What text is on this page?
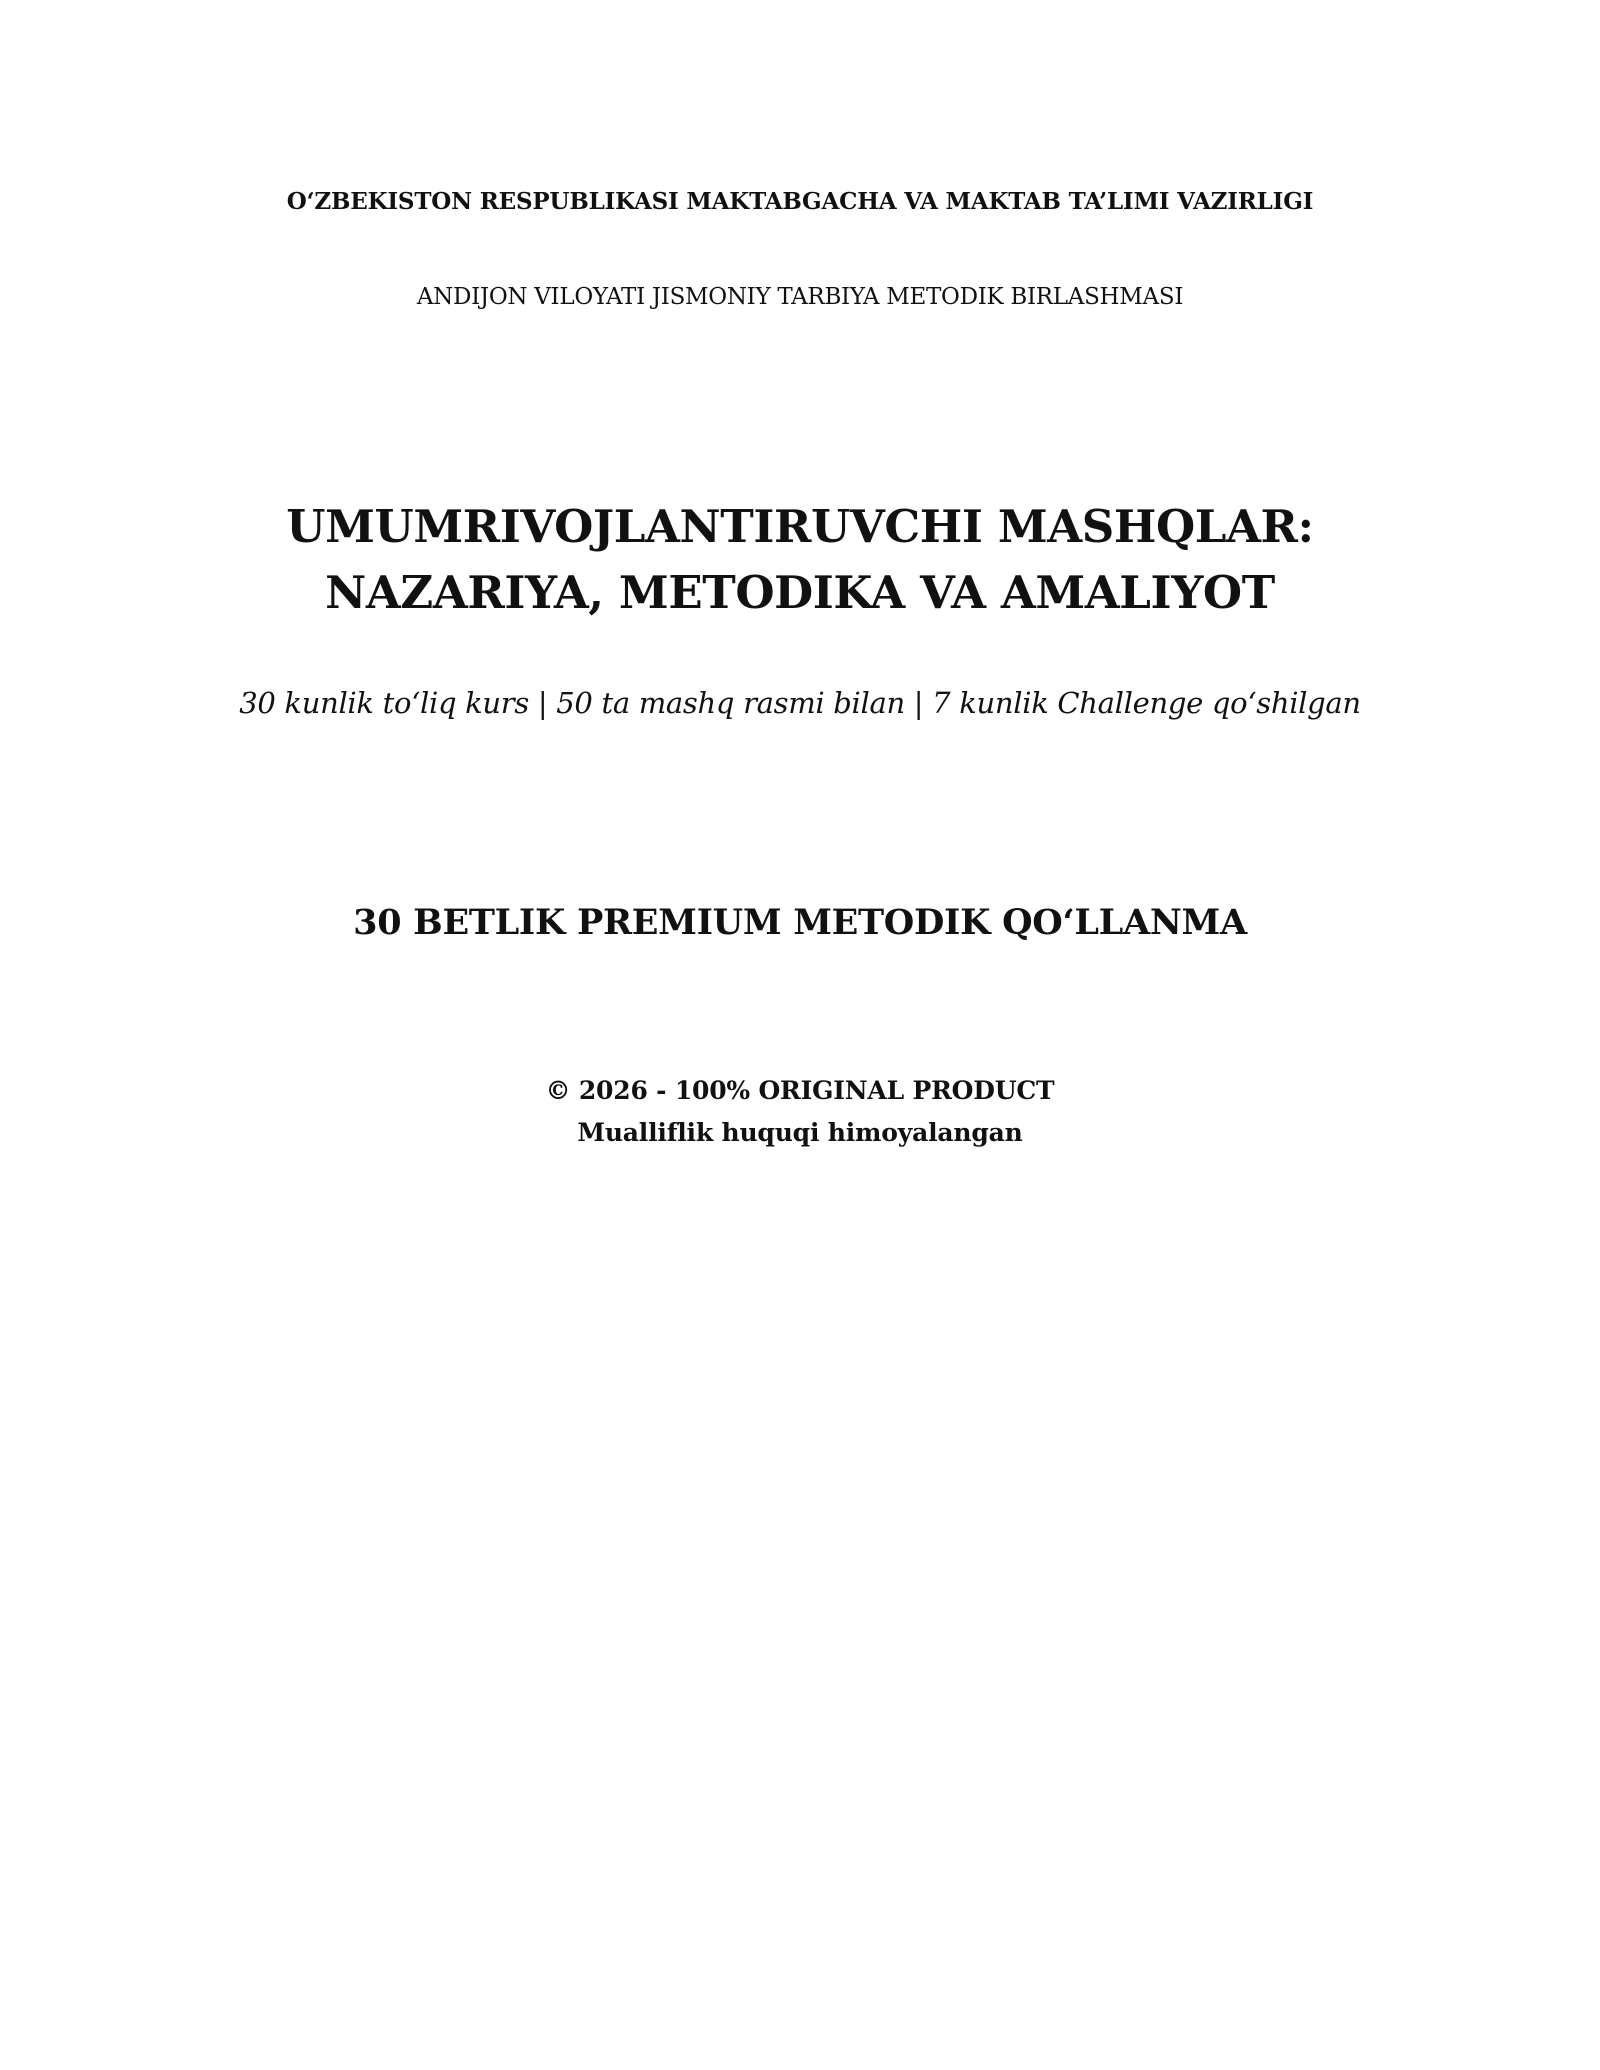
O‘ZBEKISTON RESPUBLIKASI MAKTABGACHA VA MAKTAB TA’LIMI VAZIRLIGI

ANDIJON VILOYATI JISMONIY TARBIYA METODIK BIRLASHMASI

UMUMRIVOJLANTIRUVCHI MASHQLAR:
NAZARIYA, METODIKA VA AMALIYOT

30 kunlik to‘liq kurs | 50 ta mashq rasmi bilan | 7 kunlik Challenge qo‘shilgan

30 BETLIK PREMIUM METODIK QO‘LLANMA

© 2026 - 100% ORIGINAL PRODUCT
Mualliflik huquqi himoyalangan
